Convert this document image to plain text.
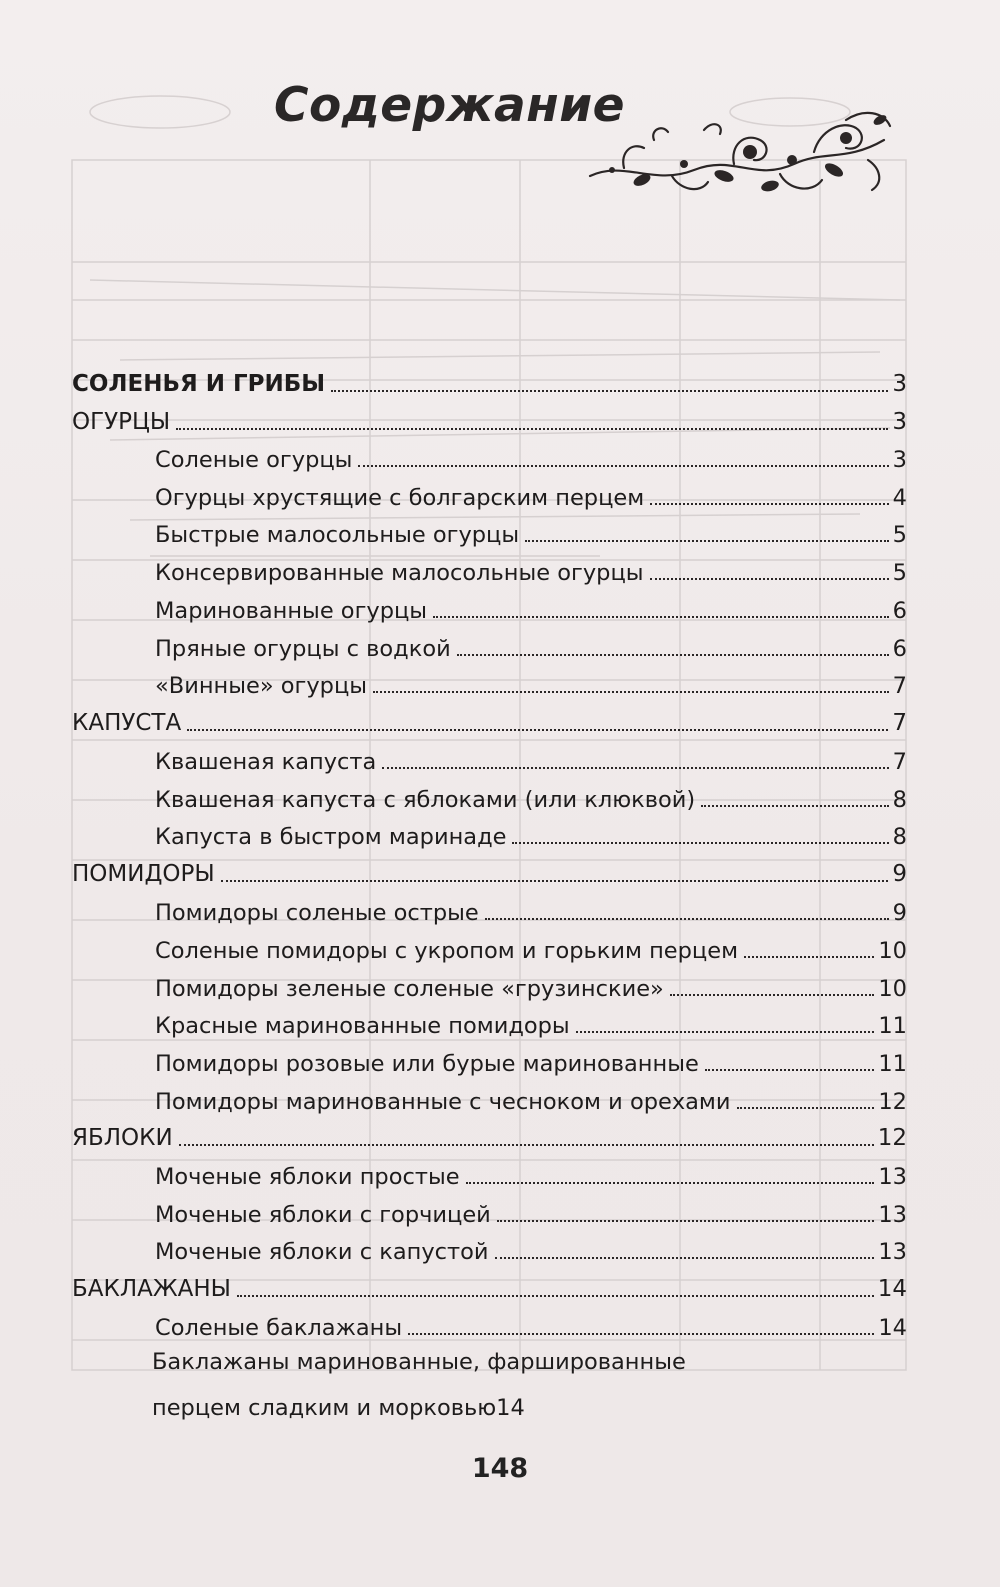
Содержание
СОЛЕНЬЯ И ГРИБЫ	3
ОГУРЦЫ	3
Соленые огурцы	3
Огурцы хрустящие с болгарским перцем	4
Быстрые малосольные огурцы	5
Консервированные малосольные огурцы	5
Маринованные огурцы	6
Пряные огурцы с водкой	6
«Винные» огурцы	7
КАПУСТА	7
Квашеная капуста	7
Квашеная капуста с яблоками (или клюквой)	8
Капуста в быстром маринаде	8
ПОМИДОРЫ	9
Помидоры соленые острые	9
Соленые помидоры с укропом и горьким перцем	10
Помидоры зеленые соленые «грузинские»	10
Красные маринованные помидоры	11
Помидоры розовые или бурые маринованные	11
Помидоры маринованные с чесноком и орехами	12
ЯБЛОКИ	12
Моченые яблоки простые	13
Моченые яблоки с горчицей	13
Моченые яблоки с капустой	13
БАКЛАЖАНЫ	14
Соленые баклажаны	14
Баклажаны маринованные, фаршированные
перцем сладким и морковью 14
148
